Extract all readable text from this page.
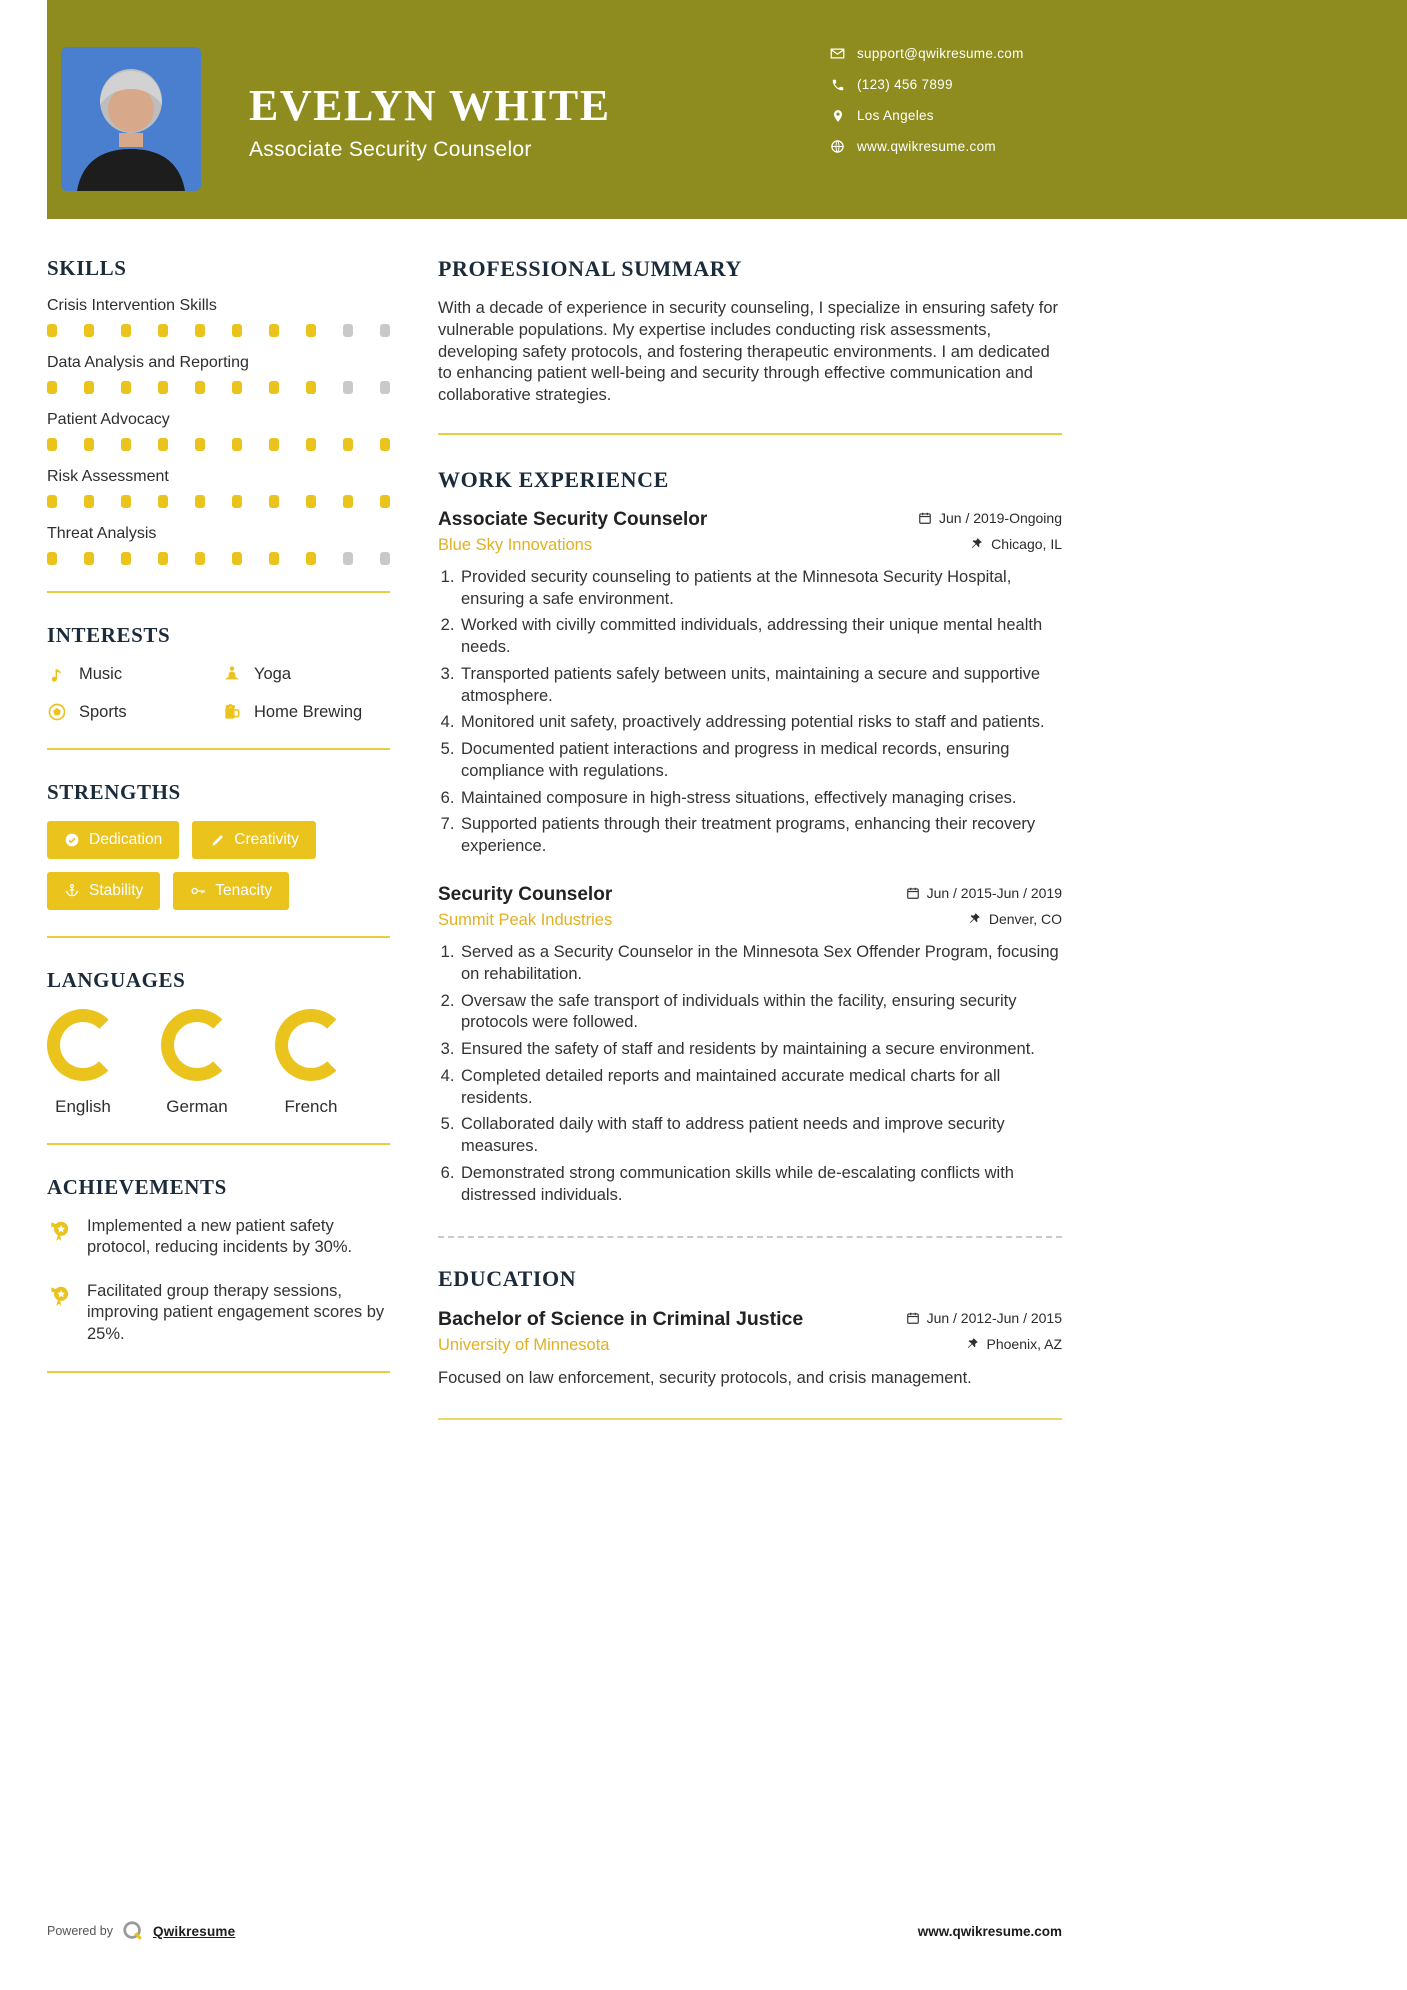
EVELYN WHITE
Associate Security Counselor
support@qwikresume.com
(123) 456 7899
Los Angeles
www.qwikresume.com
SKILLS
Crisis Intervention Skills
Data Analysis and Reporting
Patient Advocacy
Risk Assessment
Threat Analysis
INTERESTS
Music	Yoga
Sports	Home Brewing
STRENGTHS
Dedication	Creativity
Stability	Tenacity
LANGUAGES
English	German	French
ACHIEVEMENTS
Implemented a new patient safety protocol, reducing incidents by 30%.
Facilitated group therapy sessions, improving patient engagement scores by 25%.
PROFESSIONAL SUMMARY

With a decade of experience in security counseling, I specialize in ensuring safety for vulnerable populations. My expertise includes conducting risk assessments, developing safety protocols, and fostering therapeutic environments. I am dedicated to enhancing patient well-being and security through effective communication and collaborative strategies.

WORK EXPERIENCE
Associate Security Counselor	Jun / 2019-Ongoing
Blue Sky Innovations	Chicago, IL
1. Provided security counseling to patients at the Minnesota Security Hospital, ensuring a safe environment.
2. Worked with civilly committed individuals, addressing their unique mental health needs.
3. Transported patients safely between units, maintaining a secure and supportive atmosphere.
4. Monitored unit safety, proactively addressing potential risks to staff and patients.
5. Documented patient interactions and progress in medical records, ensuring compliance with regulations.
6. Maintained composure in high-stress situations, effectively managing crises.
7. Supported patients through their treatment programs, enhancing their recovery experience.
Security Counselor	Jun / 2015-Jun / 2019
Summit Peak Industries	Denver, CO
1. Served as a Security Counselor in the Minnesota Sex Offender Program, focusing on rehabilitation.
2. Oversaw the safe transport of individuals within the facility, ensuring security protocols were followed.
3. Ensured the safety of staff and residents by maintaining a secure environment.
4. Completed detailed reports and maintained accurate medical charts for all residents.
5. Collaborated daily with staff to address patient needs and improve security measures.
6. Demonstrated strong communication skills while de-escalating conflicts with distressed individuals.
EDUCATION
Bachelor of Science in Criminal Justice	Jun / 2012-Jun / 2015
University of Minnesota	Phoenix, AZ
Focused on law enforcement, security protocols, and crisis management.
Powered by	Qwikresume	www.qwikresume.com
